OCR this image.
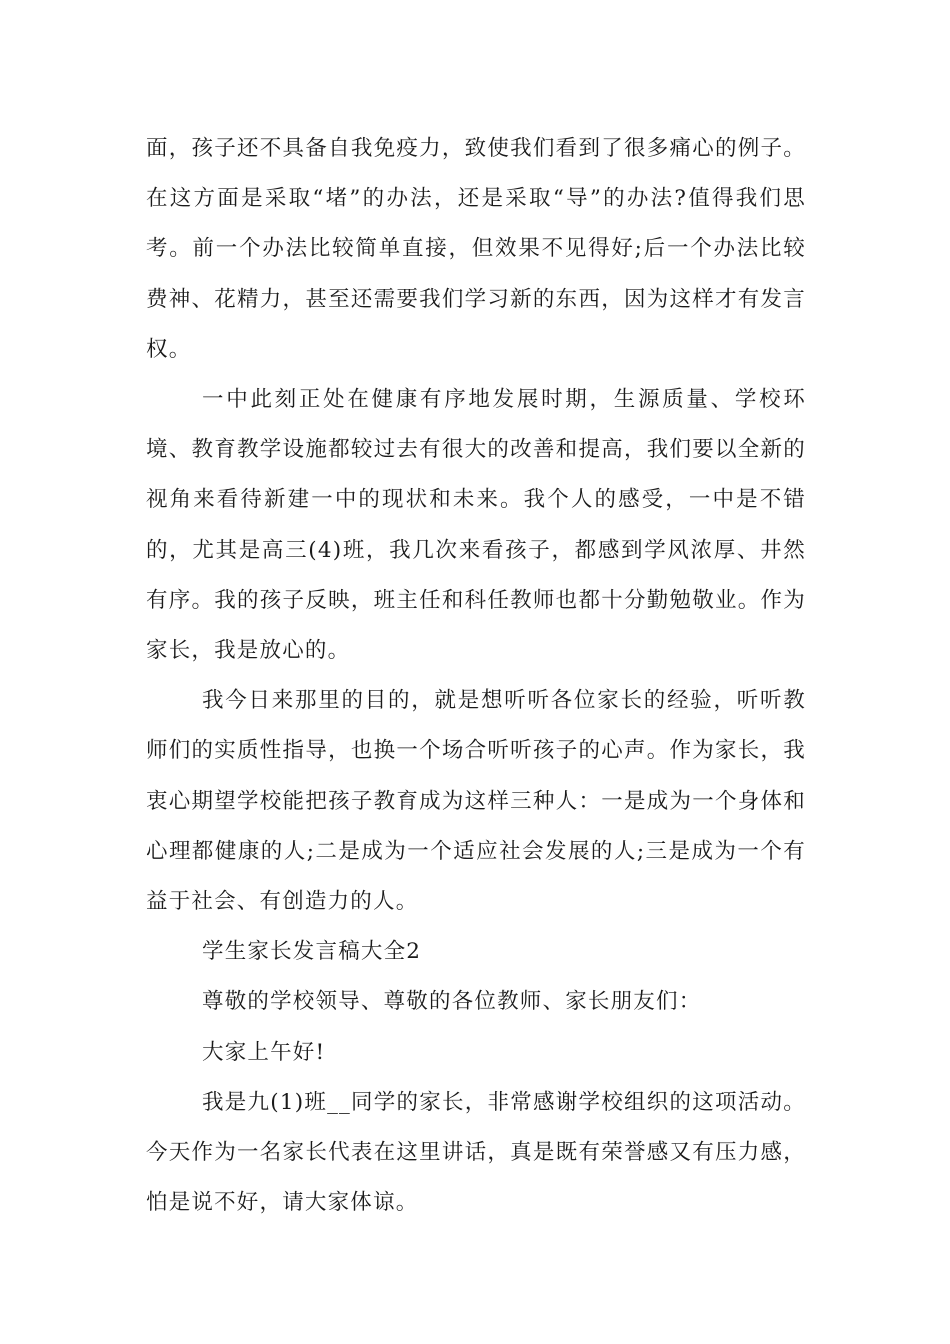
面，孩子还不具备自我免疫力，致使我们看到了很多痛心的例子。在这方面是采取“堵”的办法，还是采取“导”的办法?值得我们思考。前一个办法比较简单直接，但效果不见得好;后一个办法比较费神、花精力，甚至还需要我们学习新的东西，因为这样才有发言权。

一中此刻正处在健康有序地发展时期，生源质量、学校环境、教育教学设施都较过去有很大的改善和提高，我们要以全新的视角来看待新建一中的现状和未来。我个人的感受，一中是不错的，尤其是高三(4)班，我几次来看孩子，都感到学风浓厚、井然有序。我的孩子反映，班主任和科任教师也都十分勤勉敬业。作为家长，我是放心的。

我今日来那里的目的，就是想听听各位家长的经验，听听教师们的实质性指导，也换一个场合听听孩子的心声。作为家长，我衷心期望学校能把孩子教育成为这样三种人：一是成为一个身体和心理都健康的人;二是成为一个适应社会发展的人;三是成为一个有益于社会、有创造力的人。

学生家长发言稿大全2

尊敬的学校领导、尊敬的各位教师、家长朋友们：

大家上午好!

我是九(1)班__同学的家长，非常感谢学校组织的这项活动。今天作为一名家长代表在这里讲话，真是既有荣誉感又有压力感，怕是说不好，请大家体谅。
